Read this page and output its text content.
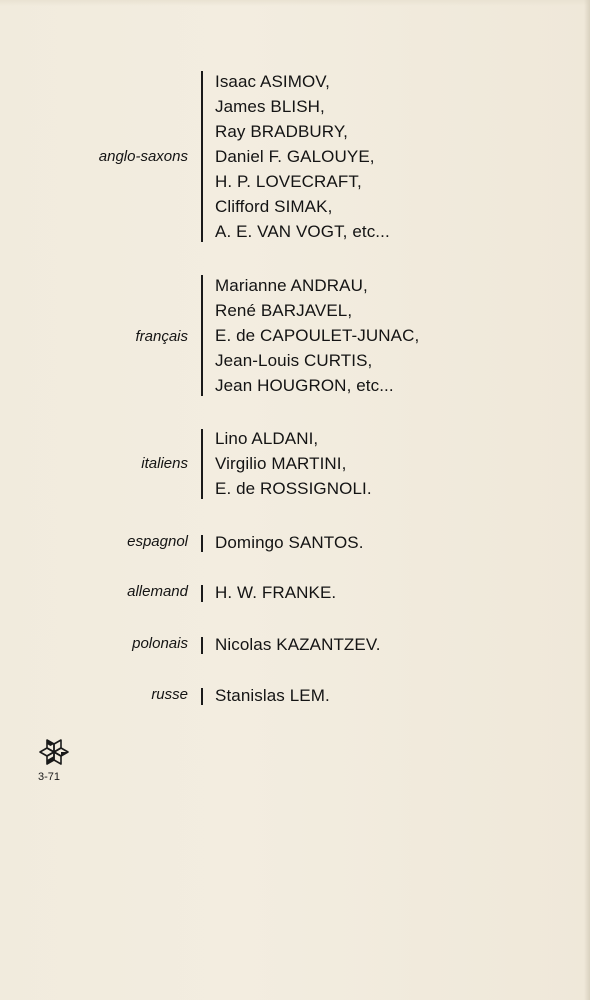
anglo-saxons
Isaac ASIMOV,
James BLISH,
Ray BRADBURY,
Daniel F. GALOUYE,
H. P. LOVECRAFT,
Clifford SIMAK,
A. E. VAN VOGT, etc...
français
Marianne ANDRAU,
René BARJAVEL,
E. de CAPOULET-JUNAC,
Jean-Louis CURTIS,
Jean HOUGRON, etc...
italiens
Lino ALDANI,
Virgilio MARTINI,
E. de ROSSIGNOLI.
espagnol Domingo SANTOS.
allemand H. W. FRANKE.
polonais Nicolas KAZANTZEV.
russe Stanislas LEM.
3-71
